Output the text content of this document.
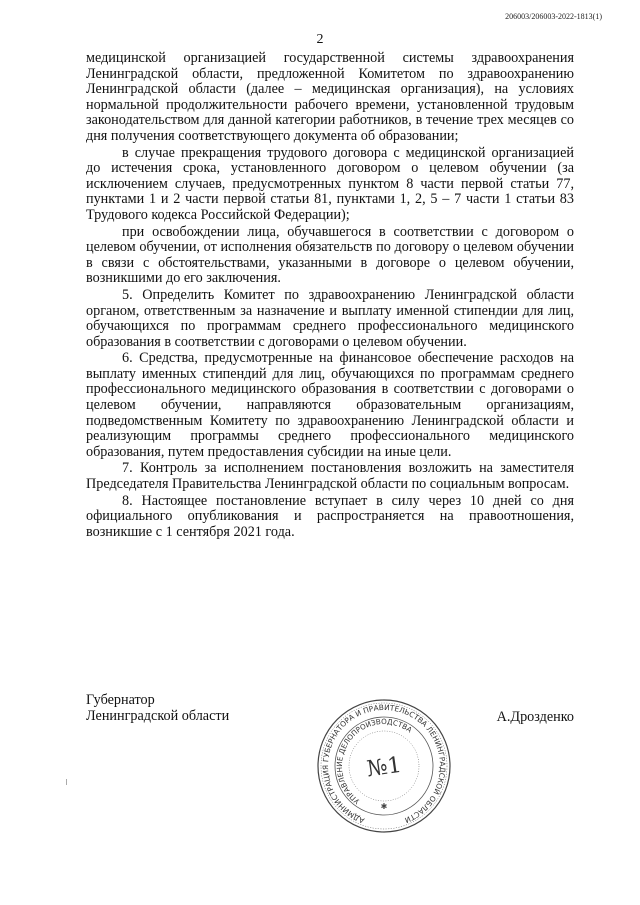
206003/206003-2022-1813(1)
2

медицинской организацией государственной системы здравоохранения Ленинградской области, предложенной Комитетом по здравоохранению Ленинградской области (далее – медицинская организация), на условиях нормальной продолжительности рабочего времени, установленной трудовым законодательством для данной категории работников, в течение трех месяцев со дня получения соответствующего документа об образовании;

в случае прекращения трудового договора с медицинской организацией до истечения срока, установленного договором о целевом обучении (за исключением случаев, предусмотренных пунктом 8 части первой статьи 77, пунктами 1 и 2 части первой статьи 81, пунктами 1, 2, 5 – 7 части 1 статьи 83 Трудового кодекса Российской Федерации);

при освобождении лица, обучавшегося в соответствии с договором о целевом обучении, от исполнения обязательств по договору о целевом обучении в связи с обстоятельствами, указанными в договоре о целевом обучении, возникшими до его заключения.

5. Определить Комитет по здравоохранению Ленинградской области органом, ответственным за назначение и выплату именной стипендии для лиц, обучающихся по программам среднего профессионального медицинского образования в соответствии с договорами о целевом обучении.

6. Средства, предусмотренные на финансовое обеспечение расходов на выплату именных стипендий для лиц, обучающихся по программам среднего профессионального медицинского образования в соответствии с договорами о целевом обучении, направляются образовательным организациям, подведомственным Комитету по здравоохранению Ленинградской области и реализующим программы среднего профессионального медицинского образования, путем предоставления субсидии на иные цели.

7. Контроль за исполнением постановления возложить на заместителя Председателя Правительства Ленинградской области по социальным вопросам.

8. Настоящее постановление вступает в силу через 10 дней со дня официального опубликования и распространяется на правоотношения, возникшие с 1 сентября 2021 года.

Губернатор
Ленинградской области	А.Дрозденко
АДМИНИСТРАЦИЯ ГУБЕРНАТОРА И ПРАВИТЕЛЬСТВА ЛЕНИНГРАДСКОЙ ОБЛАСТИ
УПРАВЛЕНИЕ ДЕЛОПРОИЗВОДСТВА
№1
✱
